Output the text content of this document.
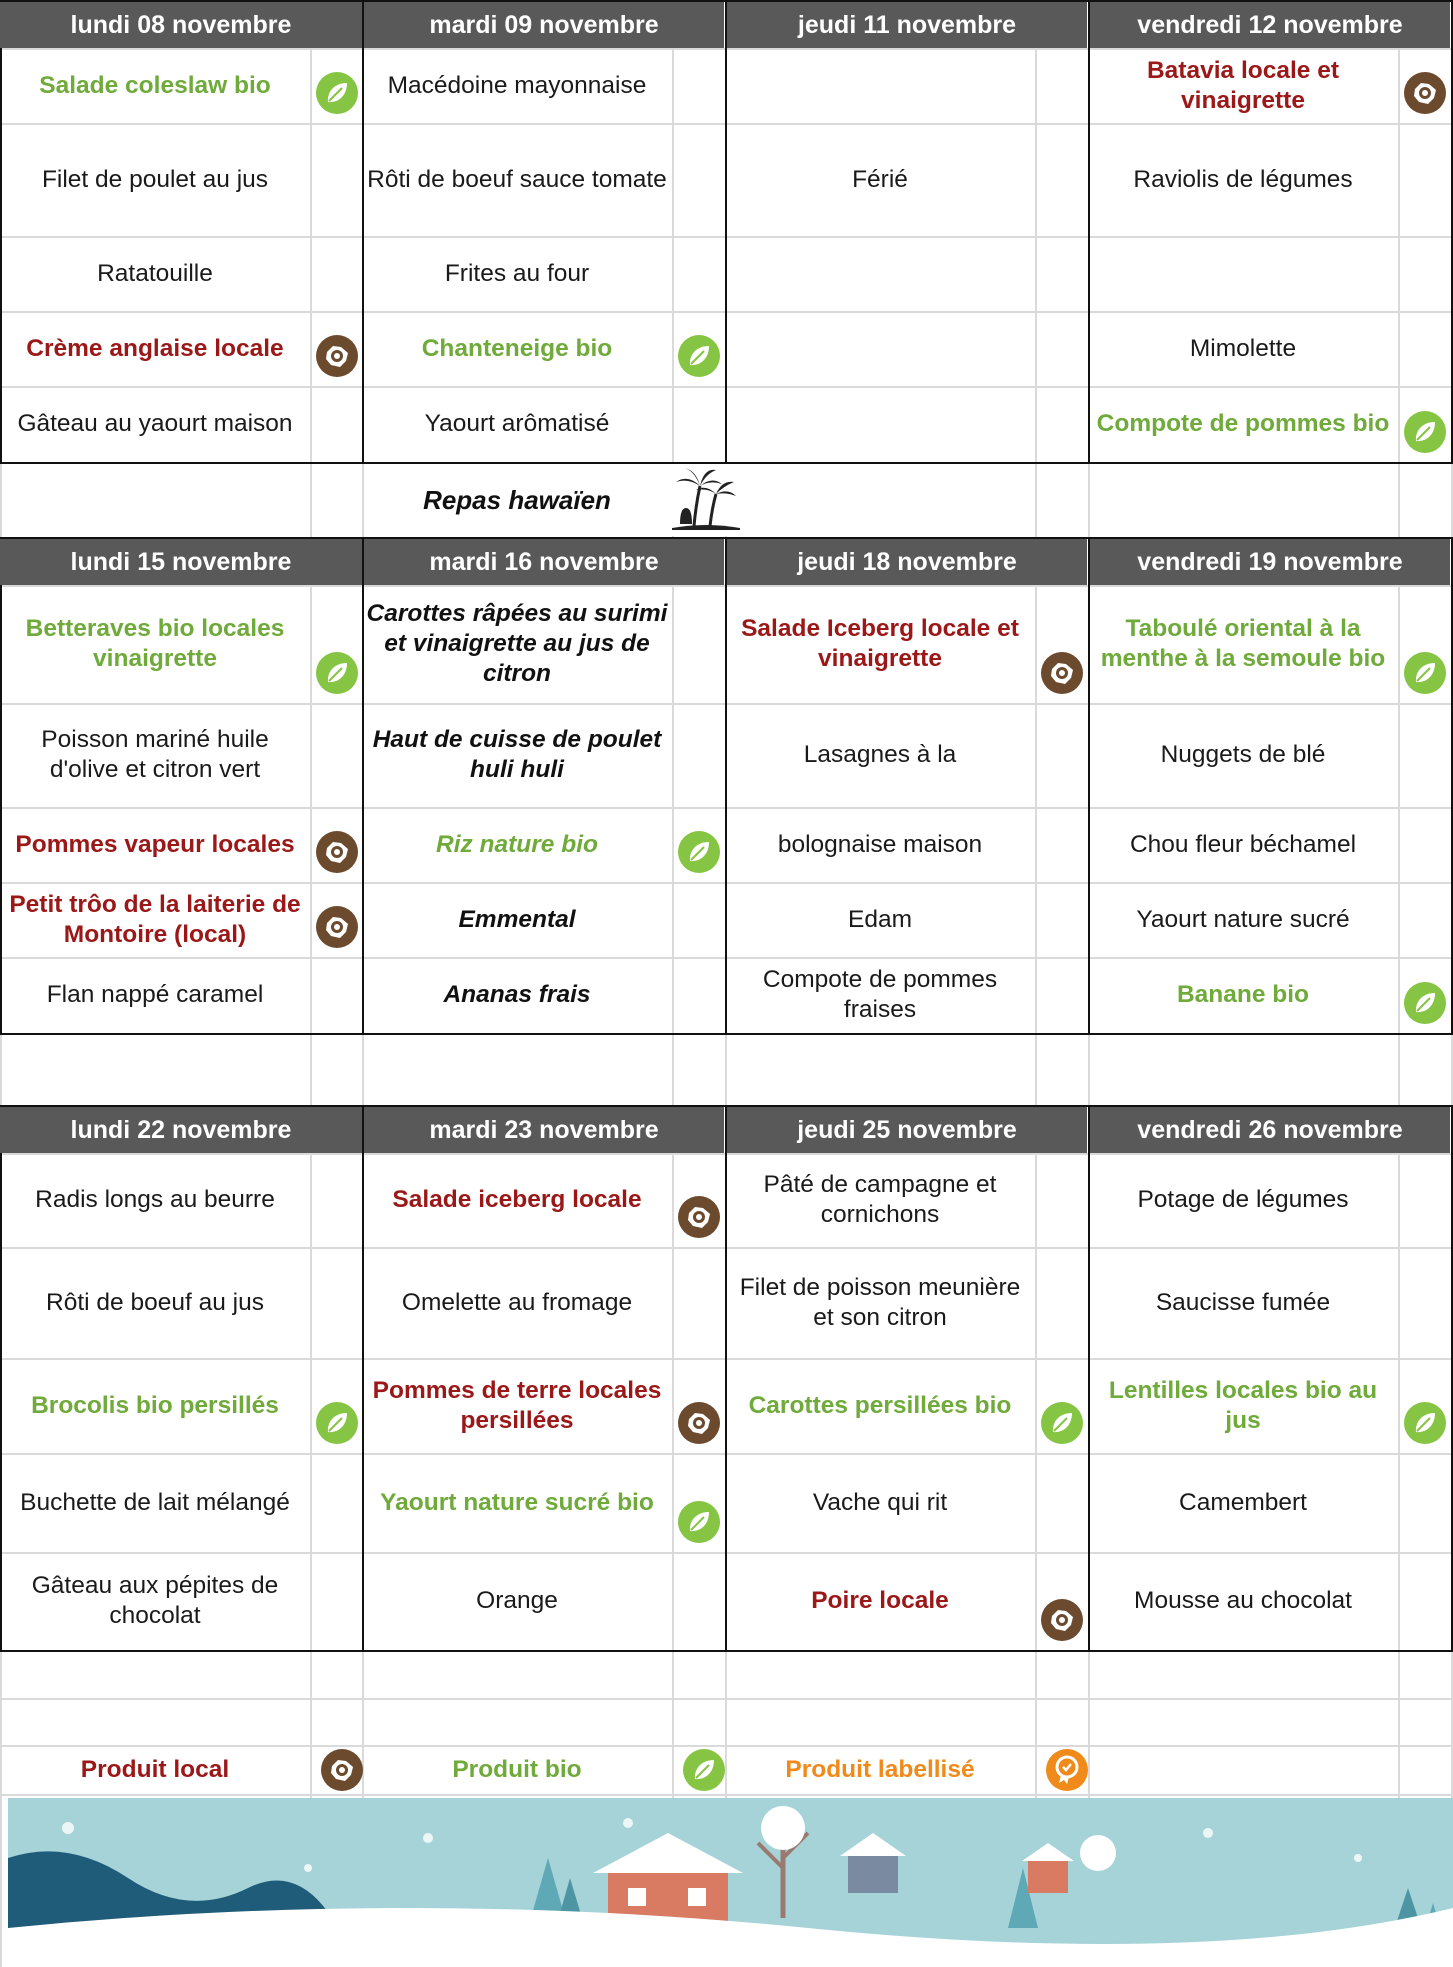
lundi 08 novembre
Salade coleslaw bio
Filet de poulet au jus
Ratatouille
Crème anglaise locale
Gâteau au yaourt maison
mardi 09 novembre
Macédoine mayonnaise
Rôti de boeuf sauce tomate
Frites au four
Chanteneige bio
Yaourt arômatisé
jeudi 11 novembre
Férié
vendredi 12 novembre
Batavia locale et vinaigrette
Raviolis de légumes
Mimolette
Compote de pommes bio
lundi 15 novembre
Betteraves bio locales vinaigrette
Poisson mariné huile d'olive et citron vert
Pommes vapeur locales
Petit trôo de la laiterie de Montoire (local)
Flan nappé caramel
mardi 16 novembre
Carottes râpées au surimi et vinaigrette au jus de citron
Haut de cuisse de poulet huli huli
Riz nature bio
Emmental
Ananas frais
jeudi 18 novembre
Salade Iceberg locale et vinaigrette
Lasagnes à la
bolognaise maison
Edam
Compote de pommes fraises
vendredi 19 novembre
Taboulé oriental à la menthe à la semoule bio
Nuggets de blé
Chou fleur béchamel
Yaourt nature sucré
Banane bio
lundi 22 novembre
Radis longs au beurre
Rôti de boeuf au jus
Brocolis bio persillés
Buchette de lait mélangé
Gâteau aux pépites de chocolat
mardi 23 novembre
Salade iceberg locale
Omelette au fromage
Pommes de terre locales persillées
Yaourt nature sucré bio
Orange
jeudi 25 novembre
Pâté de campagne et cornichons
Filet de poisson meunière et son citron
Carottes persillées bio
Vache qui rit
Poire locale
vendredi 26 novembre
Potage de légumes
Saucisse fumée
Lentilles locales bio au jus
Camembert
Mousse au chocolat
Repas hawaïen
Produit local	Produit bio	Produit labellisé
